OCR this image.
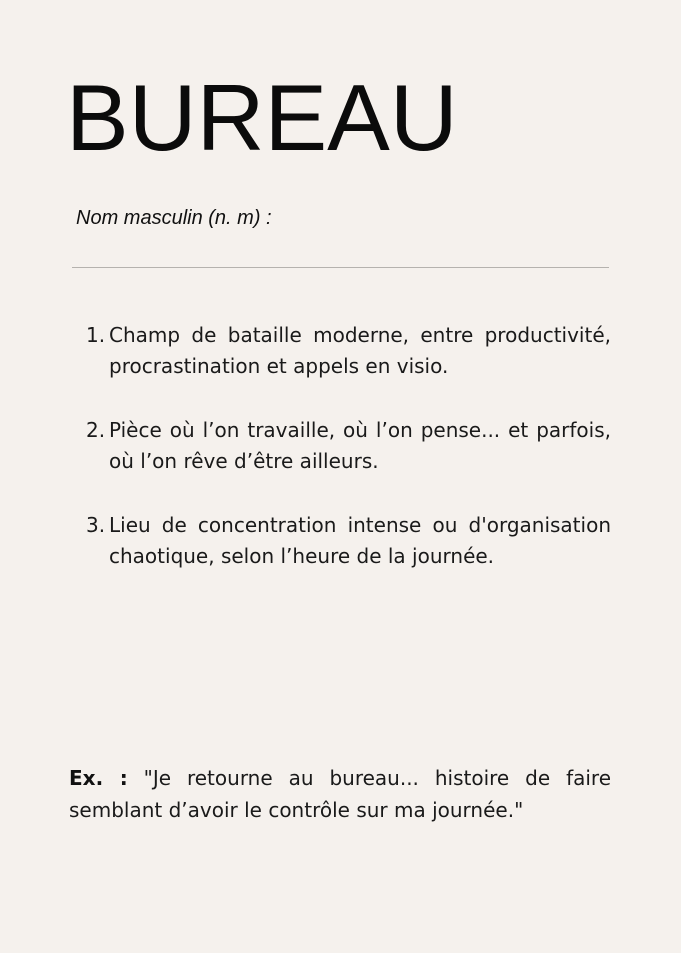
BUREAU
Nom masculin (n. m) :
1. Champ de bataille moderne, entre productivité, procrastination et appels en visio.
2. Pièce où l’on travaille, où l’on pense... et parfois, où l’on rêve d’être ailleurs.
3. Lieu de concentration intense ou d'organisation chaotique, selon l’heure de la journée.

Ex. : "Je retourne au bureau... histoire de faire semblant d’avoir le contrôle sur ma journée."
